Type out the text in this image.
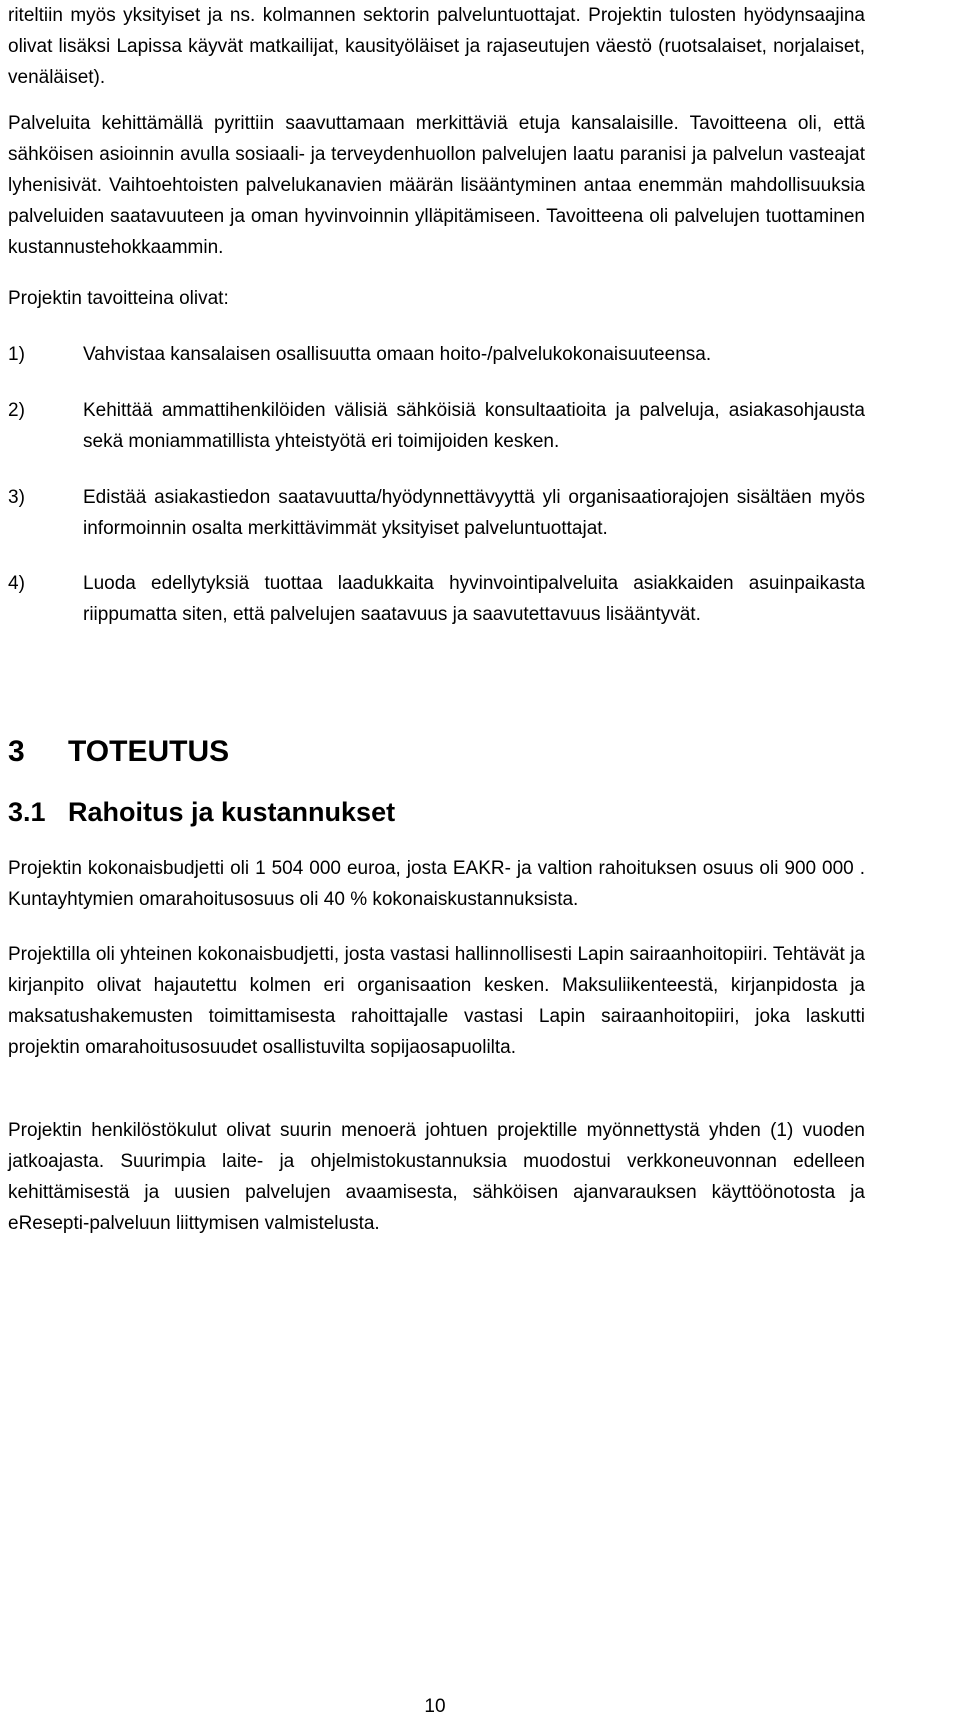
riteltiin myös yksityiset ja ns. kolmannen sektorin palveluntuottajat. Projektin tulosten hyödynsaajina olivat lisäksi Lapissa käyvät matkailijat, kausityöläiset ja rajaseutujen väestö (ruotsalaiset, norjalaiset, venäläiset).
Palveluita kehittämällä pyrittiin saavuttamaan merkittäviä etuja kansalaisille. Tavoitteena oli, että sähköisen asioinnin avulla sosiaali- ja terveydenhuollon palvelujen laatu paranisi ja palvelun vasteajat lyhenisivät. Vaihtoehtoisten palvelukanavien määrän lisääntyminen antaa enemmän mahdollisuuksia palveluiden saatavuuteen ja oman hyvinvoinnin ylläpitämiseen. Tavoitteena oli palvelujen tuottaminen kustannustehokkaammin.
Projektin tavoitteina olivat:
1)	Vahvistaa kansalaisen osallisuutta omaan hoito-/palvelukokonaisuuteensa.
2)	Kehittää ammattihenkilöiden välisiä sähköisiä konsultaatioita ja palveluja, asiakasohjausta sekä moniammatillista yhteistyötä eri toimijoiden kesken.
3)	Edistää asiakastiedon saatavuutta/hyödynnettävyyttä yli organisaatiorajojen sisältäen myös informoinnin osalta merkittävimmät yksityiset palveluntuottajat.
4)	Luoda edellytyksiä tuottaa laadukkaita hyvinvointipalveluita asiakkaiden asuinpaikasta riippumatta siten, että palvelujen saatavuus ja saavutettavuus lisääntyvät.
3 TOTEUTUS
3.1 Rahoitus ja kustannukset
Projektin kokonaisbudjetti oli 1 504 000 euroa, josta EAKR- ja valtion rahoituksen osuus oli 900 000 . Kuntayhtymien omarahoitusosuus oli 40 % kokonaiskustannuksista.
Projektilla oli yhteinen kokonaisbudjetti, josta vastasi hallinnollisesti Lapin sairaanhoitopiiri. Tehtävät ja kirjanpito olivat hajautettu kolmen eri organisaation kesken. Maksuliikenteestä, kirjanpidosta ja maksatushakemusten toimittamisesta rahoittajalle vastasi Lapin sairaanhoitopiiri, joka laskutti projektin omarahoitusosuudet osallistuvilta sopijaosapuolilta.
Projektin henkilöstökulut olivat suurin menoerä johtuen projektille myönnettystä yhden (1) vuoden jatkoajasta. Suurimpia laite- ja ohjelmistokustannuksia muodostui verkkoneuvonnan edelleen kehittämisestä ja uusien palvelujen avaamisesta, sähköisen ajanvarauksen käyttöönotosta ja eResepti-palveluun liittymisen valmistelusta.
10
